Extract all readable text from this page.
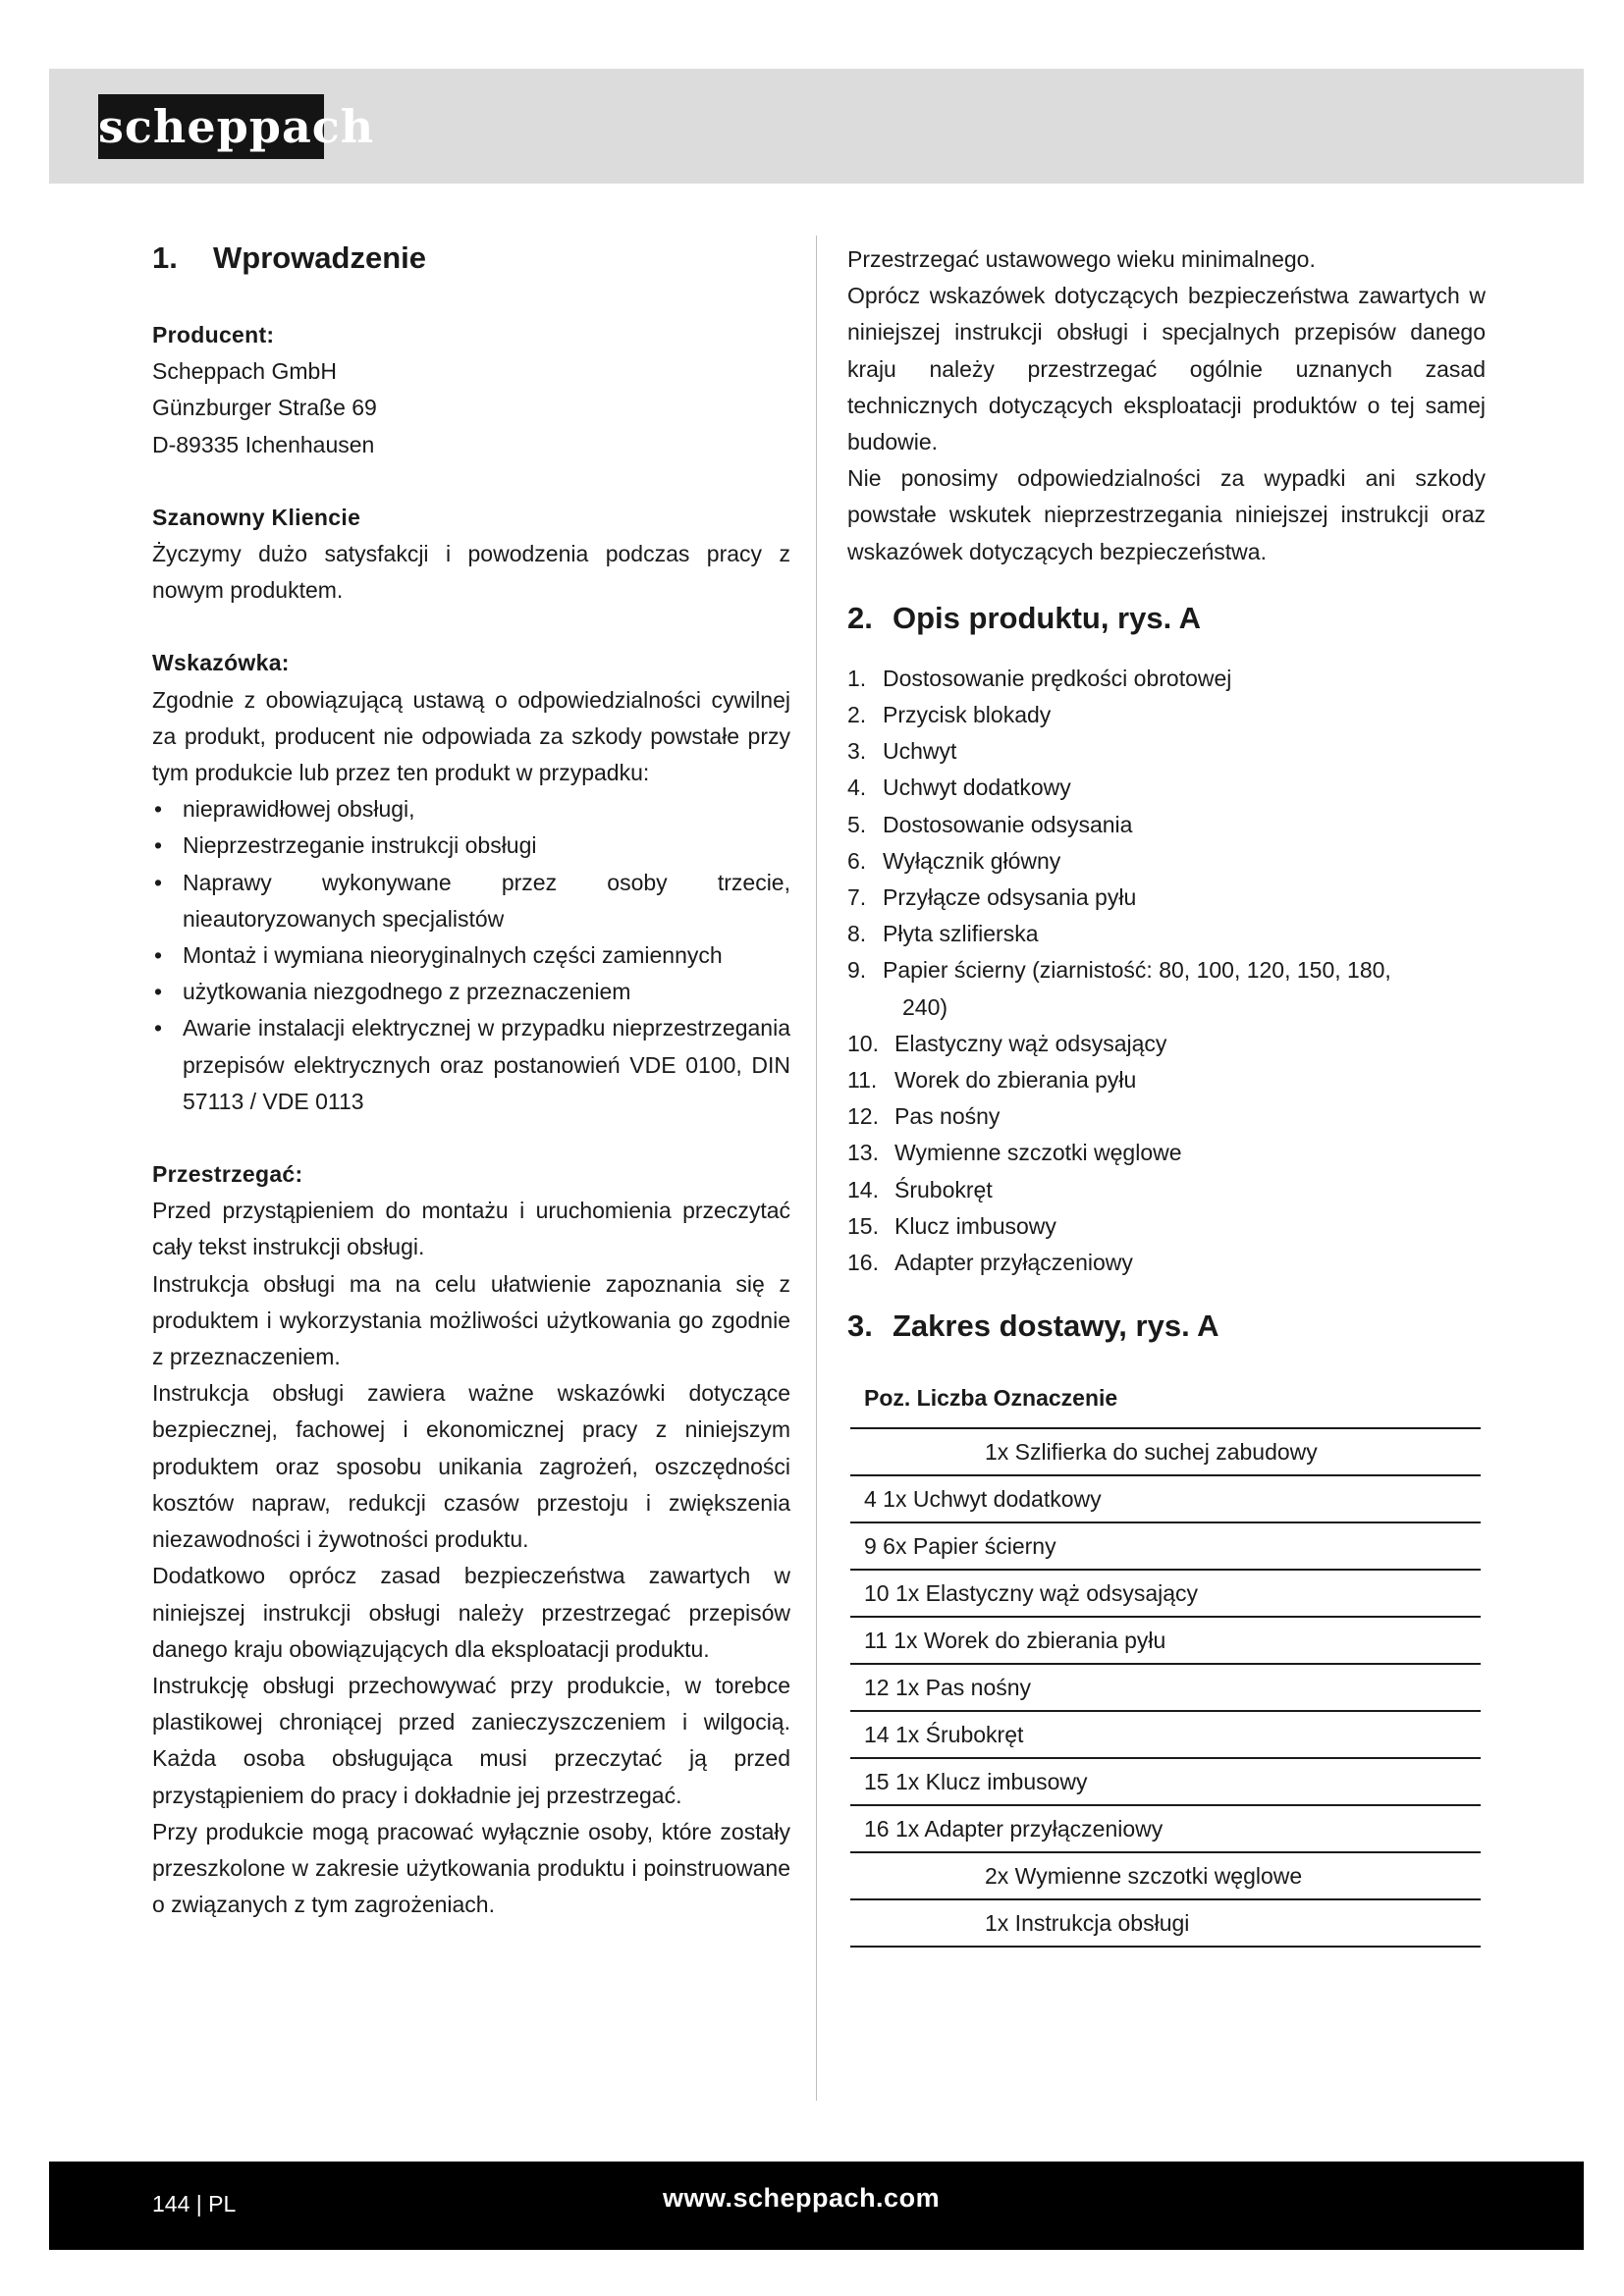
scheppach
1. Wprowadzenie

Producent:

Scheppach GmbH

Günzburger Straße 69

D-89335 Ichenhausen

Szanowny Kliencie

Życzymy dużo satysfakcji i powodzenia podczas pracy z nowym produktem.

Wskazówka:

Zgodnie z obowiązującą ustawą o odpowiedzialności cywilnej za produkt, producent nie odpowiada za szkody powstałe przy tym produkcie lub przez ten produkt w przypadku:

• nieprawidłowej obsługi,
• Nieprzestrzeganie instrukcji obsługi
• Naprawy wykonywane przez osoby trzecie, nieautoryzowanych specjalistów
• Montaż i wymiana nieoryginalnych części zamiennych
• użytkowania niezgodnego z przeznaczeniem
• Awarie instalacji elektrycznej w przypadku nieprzestrzegania przepisów elektrycznych oraz postanowień VDE 0100, DIN 57113 / VDE 0113

Przestrzegać:

Przed przystąpieniem do montażu i uruchomienia przeczytać cały tekst instrukcji obsługi.

Instrukcja obsługi ma na celu ułatwienie zapoznania się z produktem i wykorzystania możliwości użytkowania go zgodnie z przeznaczeniem.

Instrukcja obsługi zawiera ważne wskazówki dotyczące bezpiecznej, fachowej i ekonomicznej pracy z niniejszym produktem oraz sposobu unikania zagrożeń, oszczędności kosztów napraw, redukcji czasów przestoju i zwiększenia niezawodności i żywotności produktu.

Dodatkowo oprócz zasad bezpieczeństwa zawartych w niniejszej instrukcji obsługi należy przestrzegać przepisów danego kraju obowiązujących dla eksploatacji produktu.

Instrukcję obsługi przechowywać przy produkcie, w torebce plastikowej chroniącej przed zanieczyszczeniem i wilgocią. Każda osoba obsługująca musi przeczytać ją przed przystąpieniem do pracy i dokładnie jej przestrzegać.

Przy produkcie mogą pracować wyłącznie osoby, które zostały przeszkolone w zakresie użytkowania produktu i poinstruowane o związanych z tym zagrożeniach.

Przestrzegać ustawowego wieku minimalnego.

Oprócz wskazówek dotyczących bezpieczeństwa zawartych w niniejszej instrukcji obsługi i specjalnych przepisów danego kraju należy przestrzegać ogólnie uznanych zasad technicznych dotyczących eksploatacji produktów o tej samej budowie.

Nie ponosimy odpowiedzialności za wypadki ani szkody powstałe wskutek nieprzestrzegania niniejszej instrukcji oraz wskazówek dotyczących bezpieczeństwa.

2. Opis produktu, rys. A
1. Dostosowanie prędkości obrotowej
2. Przycisk blokady
3. Uchwyt
4. Uchwyt dodatkowy
5. Dostosowanie odsysania
6. Wyłącznik główny
7. Przyłącze odsysania pyłu
8. Płyta szlifierska
9. Papier ścierny (ziarnistość: 80, 100, 120, 150, 180,
240)
10. Elastyczny wąż odsysający
11. Worek do zbierania pyłu
12. Pas nośny
13. Wymienne szczotki węglowe
14. Śrubokręt
15. Klucz imbusowy
16. Adapter przyłączeniowy
3. Zakres dostawy, rys. A
Poz. Liczba Oznaczenie
1x Szlifierka do suchej zabudowy
4 1x Uchwyt dodatkowy
9 6x Papier ścierny
10 1x Elastyczny wąż odsysający
11 1x Worek do zbierania pyłu
12 1x Pas nośny
14 1x Śrubokręt
15 1x Klucz imbusowy
16 1x Adapter przyłączeniowy
2x Wymienne szczotki węglowe
1x Instrukcja obsługi
144 | PL	www.scheppach.com
